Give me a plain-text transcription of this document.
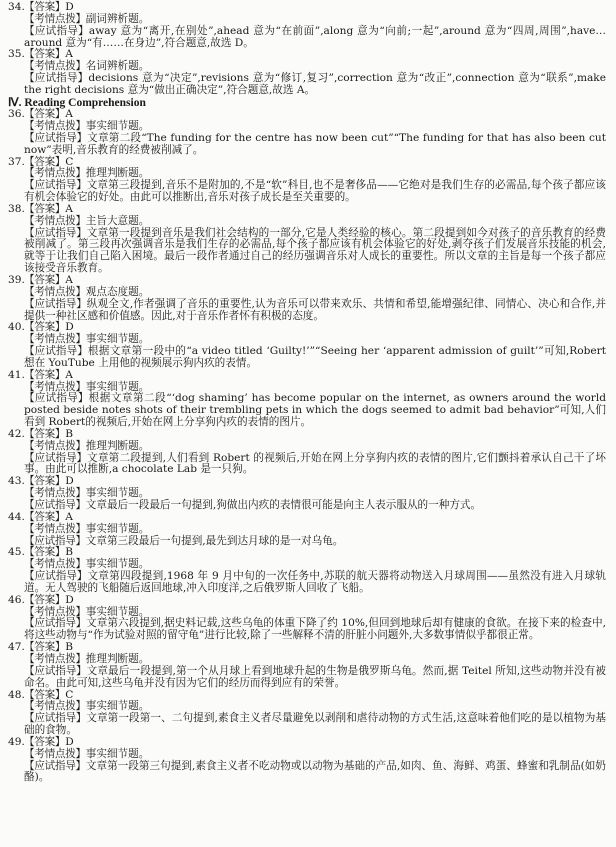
34.【答案】D
【考情点拨】副词辨析题。
【应试指导】away 意为“离开,在别处”,ahead 意为“在前面”,along 意为“向前;一起”,around 意为“四周,周围”,have…around 意为“有……在身边”,符合题意,故选 D。
35.【答案】A
【考情点拨】名词辨析题。
【应试指导】decisions 意为“决定”,revisions 意为“修订,复习”,correction 意为“改正”,connection 意为“联系”,make the right decisions 意为“做出正确决定”,符合题意,故选 A。
Ⅳ. Reading Comprehension
36.【答案】A
【考情点拨】事实细节题。
【应试指导】文章第二段“The funding for the centre has now been cut”“The funding for that has also been cut now”表明,音乐教育的经费被削减了。
37.【答案】C
【考情点拨】推理判断题。
【应试指导】文章第三段提到,音乐不是附加的,不是“软”科目,也不是奢侈品——它绝对是我们生存的必需品,每个孩子都应该有机会体验它的好处。由此可以推断出,音乐对孩子成长是至关重要的。
38.【答案】A
【考情点拨】主旨大意题。
【应试指导】文章第一段提到音乐是我们社会结构的一部分,它是人类经验的核心。第二段提到如今对孩子的音乐教育的经费被削减了。第三段再次强调音乐是我们生存的必需品,每个孩子都应该有机会体验它的好处,剥夺孩子们发展音乐技能的机会,就等于让我们自己陷入困境。最后一段作者通过自己的经历强调音乐对人成长的重要性。所以文章的主旨是每一个孩子都应该接受音乐教育。
39.【答案】A
【考情点拨】观点态度题。
【应试指导】纵观全文,作者强调了音乐的重要性,认为音乐可以带来欢乐、共情和希望,能增强纪律、同情心、决心和合作,并提供一种社区感和价值感。因此,对于音乐作者怀有积极的态度。
40.【答案】D
【考情点拨】事实细节题。
【应试指导】根据文章第一段中的“a video titled ‘Guilty!’”“Seeing her ‘apparent admission of guilt’”可知,Robert 想在 YouTube 上用他的视频展示狗内疚的表情。
41.【答案】A
【考情点拨】事实细节题。
【应试指导】根据文章第二段“‘dog shaming’ has become popular on the internet, as owners around the world posted beside notes shots of their trembling pets in which the dogs seemed to admit bad behavior”可知,人们看到 Robert的视频后,开始在网上分享狗内疚的表情的图片。
42.【答案】B
【考情点拨】推理判断题。
【应试指导】文章第二段提到,人们看到 Robert 的视频后,开始在网上分享狗内疚的表情的图片,它们颤抖着承认自己干了坏事。由此可以推断,a chocolate Lab 是一只狗。
43.【答案】D
【考情点拨】事实细节题。
【应试指导】文章最后一段最后一句提到,狗做出内疚的表情很可能是向主人表示服从的一种方式。
44.【答案】A
【考情点拨】事实细节题。
【应试指导】文章第三段最后一句提到,最先到达月球的是一对乌龟。
45.【答案】B
【考情点拨】事实细节题。
【应试指导】文章第四段提到,1968 年 9 月中旬的一次任务中,苏联的航天器将动物送入月球周围——虽然没有进入月球轨道。无人驾驶的飞船随后返回地球,冲入印度洋,之后俄罗斯人回收了飞船。
46.【答案】D
【考情点拨】事实细节题。
【应试指导】文章第六段提到,据史料记载,这些乌龟的体重下降了约 10%,但回到地球后却有健康的食欲。在接下来的检查中,将这些动物与“作为试验对照的留守龟”进行比较,除了一些解释不清的肝脏小问题外,大多数事情似乎都很正常。
47.【答案】B
【考情点拨】推理判断题。
【应试指导】文章最后一段提到,第一个从月球上看到地球升起的生物是俄罗斯乌龟。然而,据 Teitel 所知,这些动物并没有被命名。由此可知,这些乌龟并没有因为它们的经历而得到应有的荣誉。
48.【答案】C
【考情点拨】事实细节题。
【应试指导】文章第一段第一、二句提到,素食主义者尽量避免以剥削和虐待动物的方式生活,这意味着他们吃的是以植物为基础的食物。
49.【答案】D
【考情点拨】事实细节题。
【应试指导】文章第一段第三句提到,素食主义者不吃动物或以动物为基础的产品,如肉、鱼、海鲜、鸡蛋、蜂蜜和乳制品(如奶酪)。
